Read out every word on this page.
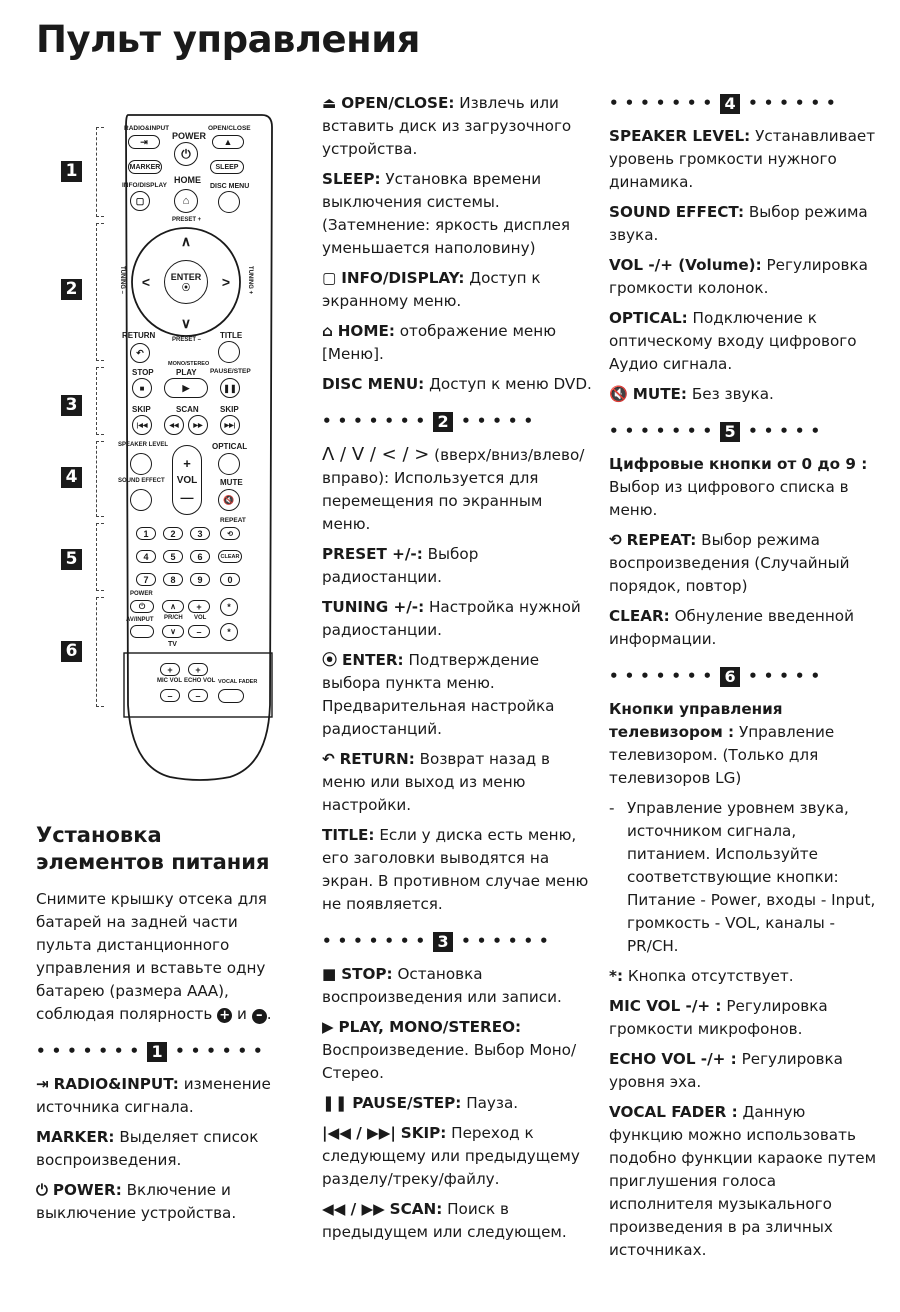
Пульт управления
1
2
3
4
5
6
RADIO&INPUT
⇥
POWER
⏻
OPEN/CLOSE
▲
MARKER	SLEEP
INFO/DISPLAY
▢
HOME
⌂
DISC MENU
PRESET +
∧
∨
<	>
ENTER
⦿
PRESET –
TUNING –	TUNING +
RETURN
↶
TITLE
MONO/STEREO
STOP	PLAY PAUSE/STEP
■	▶	❚❚
SKIP	SCAN	SKIP
|◀◀	◀◀	▶▶	▶▶|
SPEAKER LEVEL
+
VOL
—
OPTICAL
SOUND EFFECT	MUTE
🔇
REPEAT
1	2	3	⟲
4	5	6	CLEAR
7	8	9	0
POWER
⏻	∧	+	*
AV/INPUT PR/CH VOL
∨	–	*
TV
+	+
MIC VOL ECHO VOL VOCAL FADER
–	–
Установка элементов питания

Снимите крышку отсека для батарей на задней части пульта дистанционного управления и вставьте одну батарею (размера ААА), соблюдая полярность + и – .

••••••• 1 ••••••

⇥ RADIO&INPUT: изменение источника сигнала.

MARKER: Выделяет список воспроизведения.

⏻ POWER: Включение и выключение устройства.

⏏ OPEN/CLOSE: Извлечь или вставить диск из загрузочного устройства.

SLEEP: Установка времени выключения системы. (Затемнение: яркость дисплея уменьшается наполовину)

▢ INFO/DISPLAY: Доступ к экранному меню.

⌂ HOME: отображение меню [Меню].

DISC MENU: Доступ к меню DVD.

••••••• 2 •••••

Λ / V / < / > (вверх/вниз/влево/вправо): Используется для перемещения по экранным меню.

PRESET +/-: Выбор радиостанции.

TUNING +/-: Настройка нужной радиостанции.

⦿ ENTER: Подтверждение выбора пункта меню.
Предварительная настройка радиостанций.

↶ RETURN: Возврат назад в меню или выход из меню настройки.

TITLE: Если у диска есть меню, его заголовки выводятся на экран. В противном случае меню не появляется.

••••••• 3 ••••••

■ STOP: Остановка воспроизведения или записи.

▶ PLAY, MONO/STEREO: Воспроизведение. Выбор Моно/Стерео.

❚❚ PAUSE/STEP: Пауза.

|◀◀ / ▶▶| SKIP: Переход к следующему или предыдущему разделу/треку/файлу.

◀◀ / ▶▶ SCAN: Поиск в предыдущем или следующем.

••••••• 4 ••••••

SPEAKER LEVEL: Устанавливает уровень громкости нужного динамика.

SOUND EFFECT: Выбор режима звука.

VOL -/+ (Volume): Регулировка громкости колонок.

OPTICAL: Подключение к оптическому входу цифрового Аудио сигнала.

🔇 MUTE: Без звука.

••••••• 5 •••••

Цифровые кнопки от 0 до 9 : Выбор из цифрового списка в меню.

⟲ REPEAT: Выбор режима воспроизведения (Случайный порядок, повтор)

CLEAR: Обнуление введенной информации.

••••••• 6 •••••

Кнопки управления телевизором : Управление телевизором. (Только для телевизоров LG)

- Управление уровнем звука, источником сигнала, питанием. Используйте соответствующие кнопки: Питание - Power, входы - Input, громкость - VOL, каналы - PR/CH.

*: Кнопка отсутствует.

MIC VOL -/+ : Регулировка громкости микрофонов.

ECHO VOL -/+ : Регулировка уровня эха.

VOCAL FADER : Данную функцию можно использовать подобно функции караоке путем приглушения голоса исполнителя музыкального произведения в ра зличных источниках.
